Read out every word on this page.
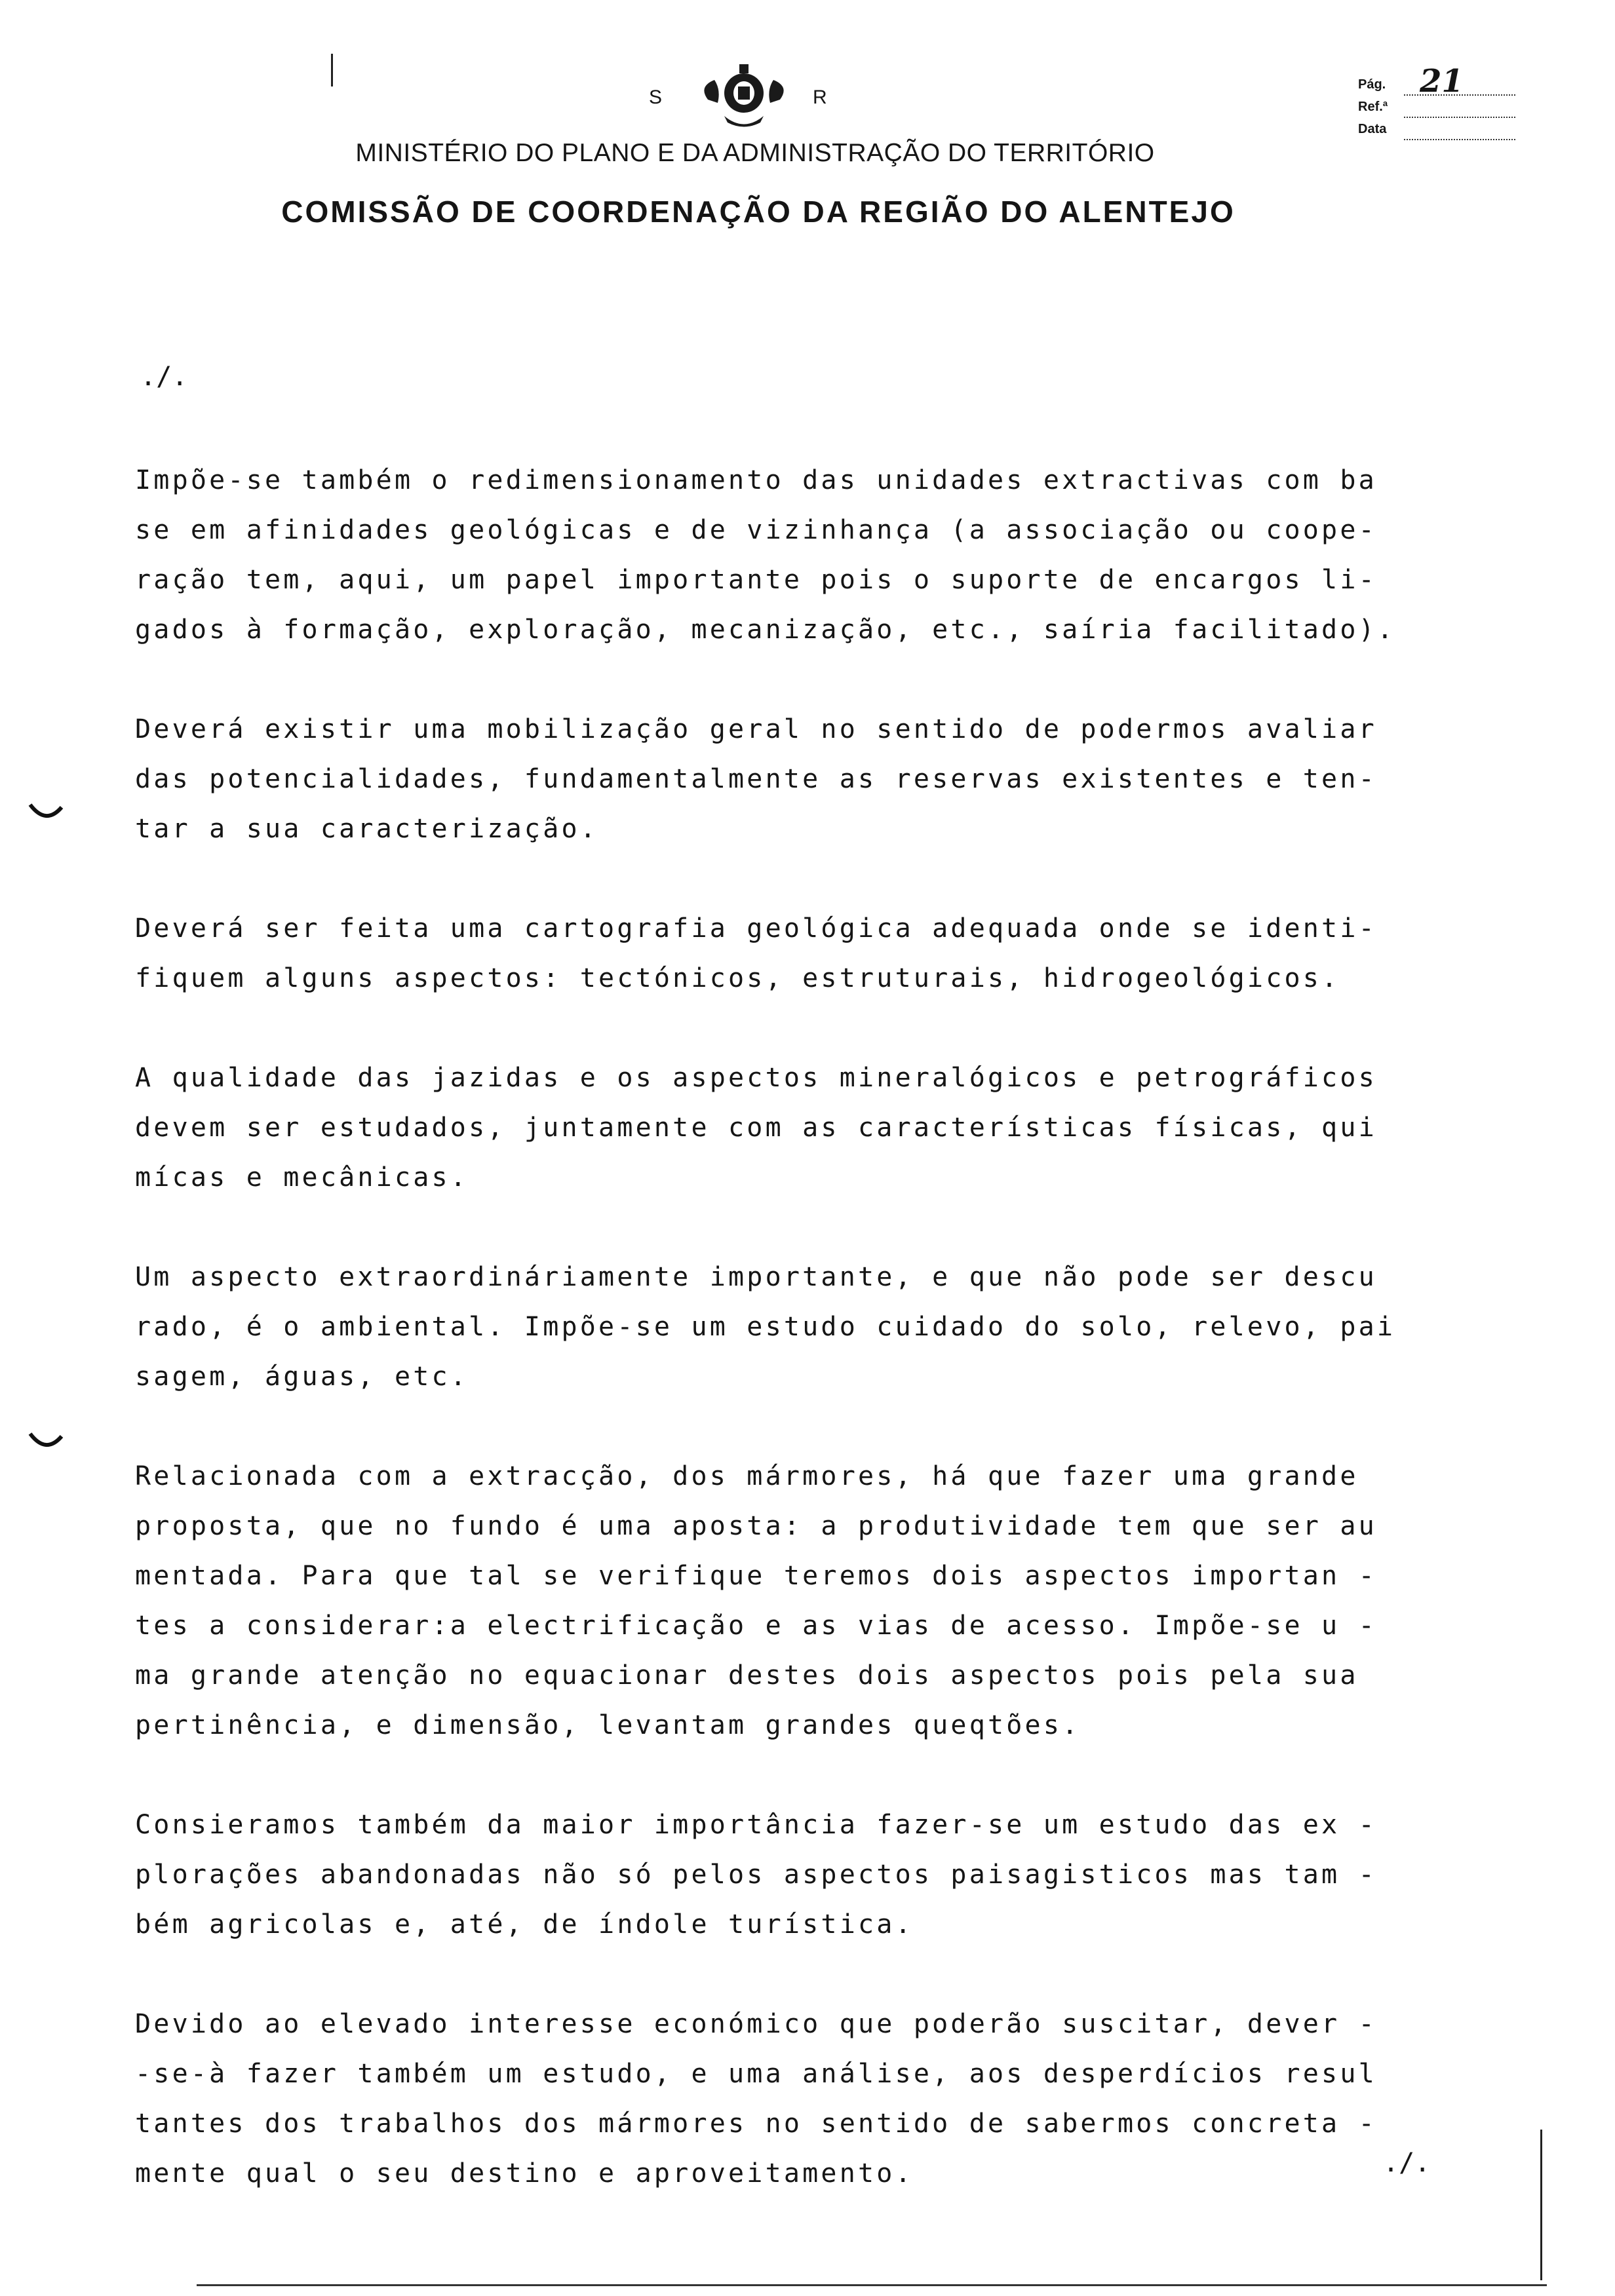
S	R
MINISTÉRIO DO PLANO E DA ADMINISTRAÇÃO DO TERRITÓRIO
COMISSÃO DE COORDENAÇÃO DA REGIÃO DO ALENTEJO
Pág.	21
Ref.ª
Data
./.
Impõe-se também o redimensionamento das unidades extractivas com ba
se em afinidades geológicas e de vizinhança (a associação ou coope-
ração tem, aqui, um papel importante pois o suporte de encargos li-
gados à formação, exploração, mecanização, etc., saíria facilitado).
Deverá existir uma mobilização geral no sentido de podermos avaliar
das potencialidades, fundamentalmente as reservas existentes e ten-
tar a sua caracterização.
Deverá ser feita uma cartografia geológica adequada onde se identi-
fiquem alguns aspectos: tectónicos, estruturais, hidrogeológicos.
A qualidade das jazidas e os aspectos mineralógicos e petrográficos
devem ser estudados, juntamente com as características físicas, qui
mícas e mecânicas.
Um aspecto extraordináriamente importante, e que não pode ser descu
rado, é o ambiental. Impõe-se um estudo cuidado do solo, relevo, pai
sagem, águas, etc.
Relacionada com a extracção, dos mármores, há que fazer uma grande
proposta, que no fundo é uma aposta: a produtividade tem que ser au
mentada. Para que tal se verifique teremos dois aspectos importan -
tes a considerar:a electrificação e as vias de acesso. Impõe-se u -
ma grande atenção no equacionar destes dois aspectos pois pela sua
pertinência, e dimensão, levantam grandes queqtões.
Consieramos também da maior importância fazer-se um estudo das ex -
plorações abandonadas não só pelos aspectos paisagisticos mas tam -
bém agricolas e, até, de índole turística.
Devido ao elevado interesse económico que poderão suscitar, dever -
-se-à fazer também um estudo, e uma análise, aos desperdícios resul
tantes dos trabalhos dos mármores no sentido de sabermos concreta -
mente qual o seu destino e aproveitamento.	./.
